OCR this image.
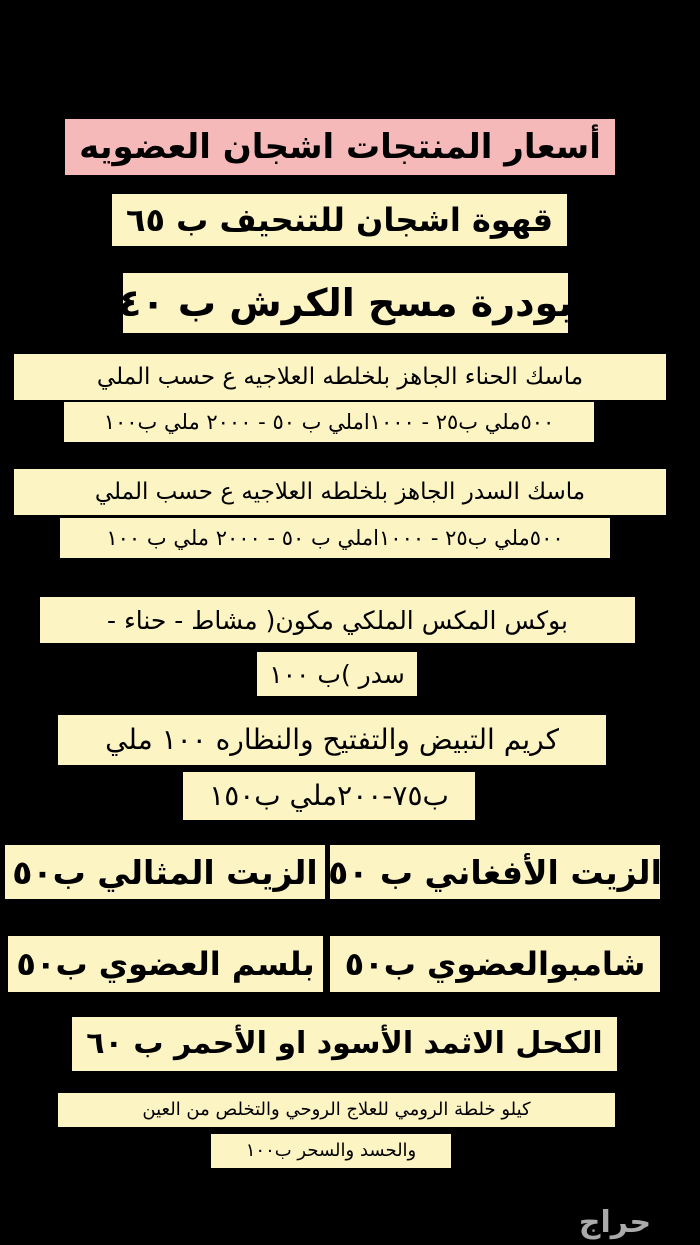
أسعار المنتجات اشجان العضويه
قهوة اشجان للتنحيف ب ٦٥
بودرة مسح الكرش ب ٤٠
ماسك الحناء الجاهز بلخلطه العلاجيه ع حسب الملي
٥٠٠ملي ب٢٥ - ١٠٠٠املي ب ٥٠ - ٢٠٠٠ ملي ب١٠٠
ماسك السدر الجاهز بلخلطه العلاجيه ع حسب الملي
٥٠٠ملي ب٢٥ - ١٠٠٠املي ب ٥٠ - ٢٠٠٠ ملي ب ١٠٠
بوكس المكس الملكي مكون( مشاط - حناء -
سدر )ب ١٠٠
كريم التبيض والتفتيح والنظاره ١٠٠ ملي
ب٧٥-٢٠٠ملي ب١٥٠
الزيت الأفغاني ب ٥٠
الزيت المثالي ب٥٠
شامبوالعضوي ب٥٠
بلسم العضوي ب٥٠
الكحل الاثمد الأسود او الأحمر ب ٦٠
كيلو خلطة الرومي للعلاج الروحي والتخلص من العين
والحسد والسحر ب١٠٠
حراج
